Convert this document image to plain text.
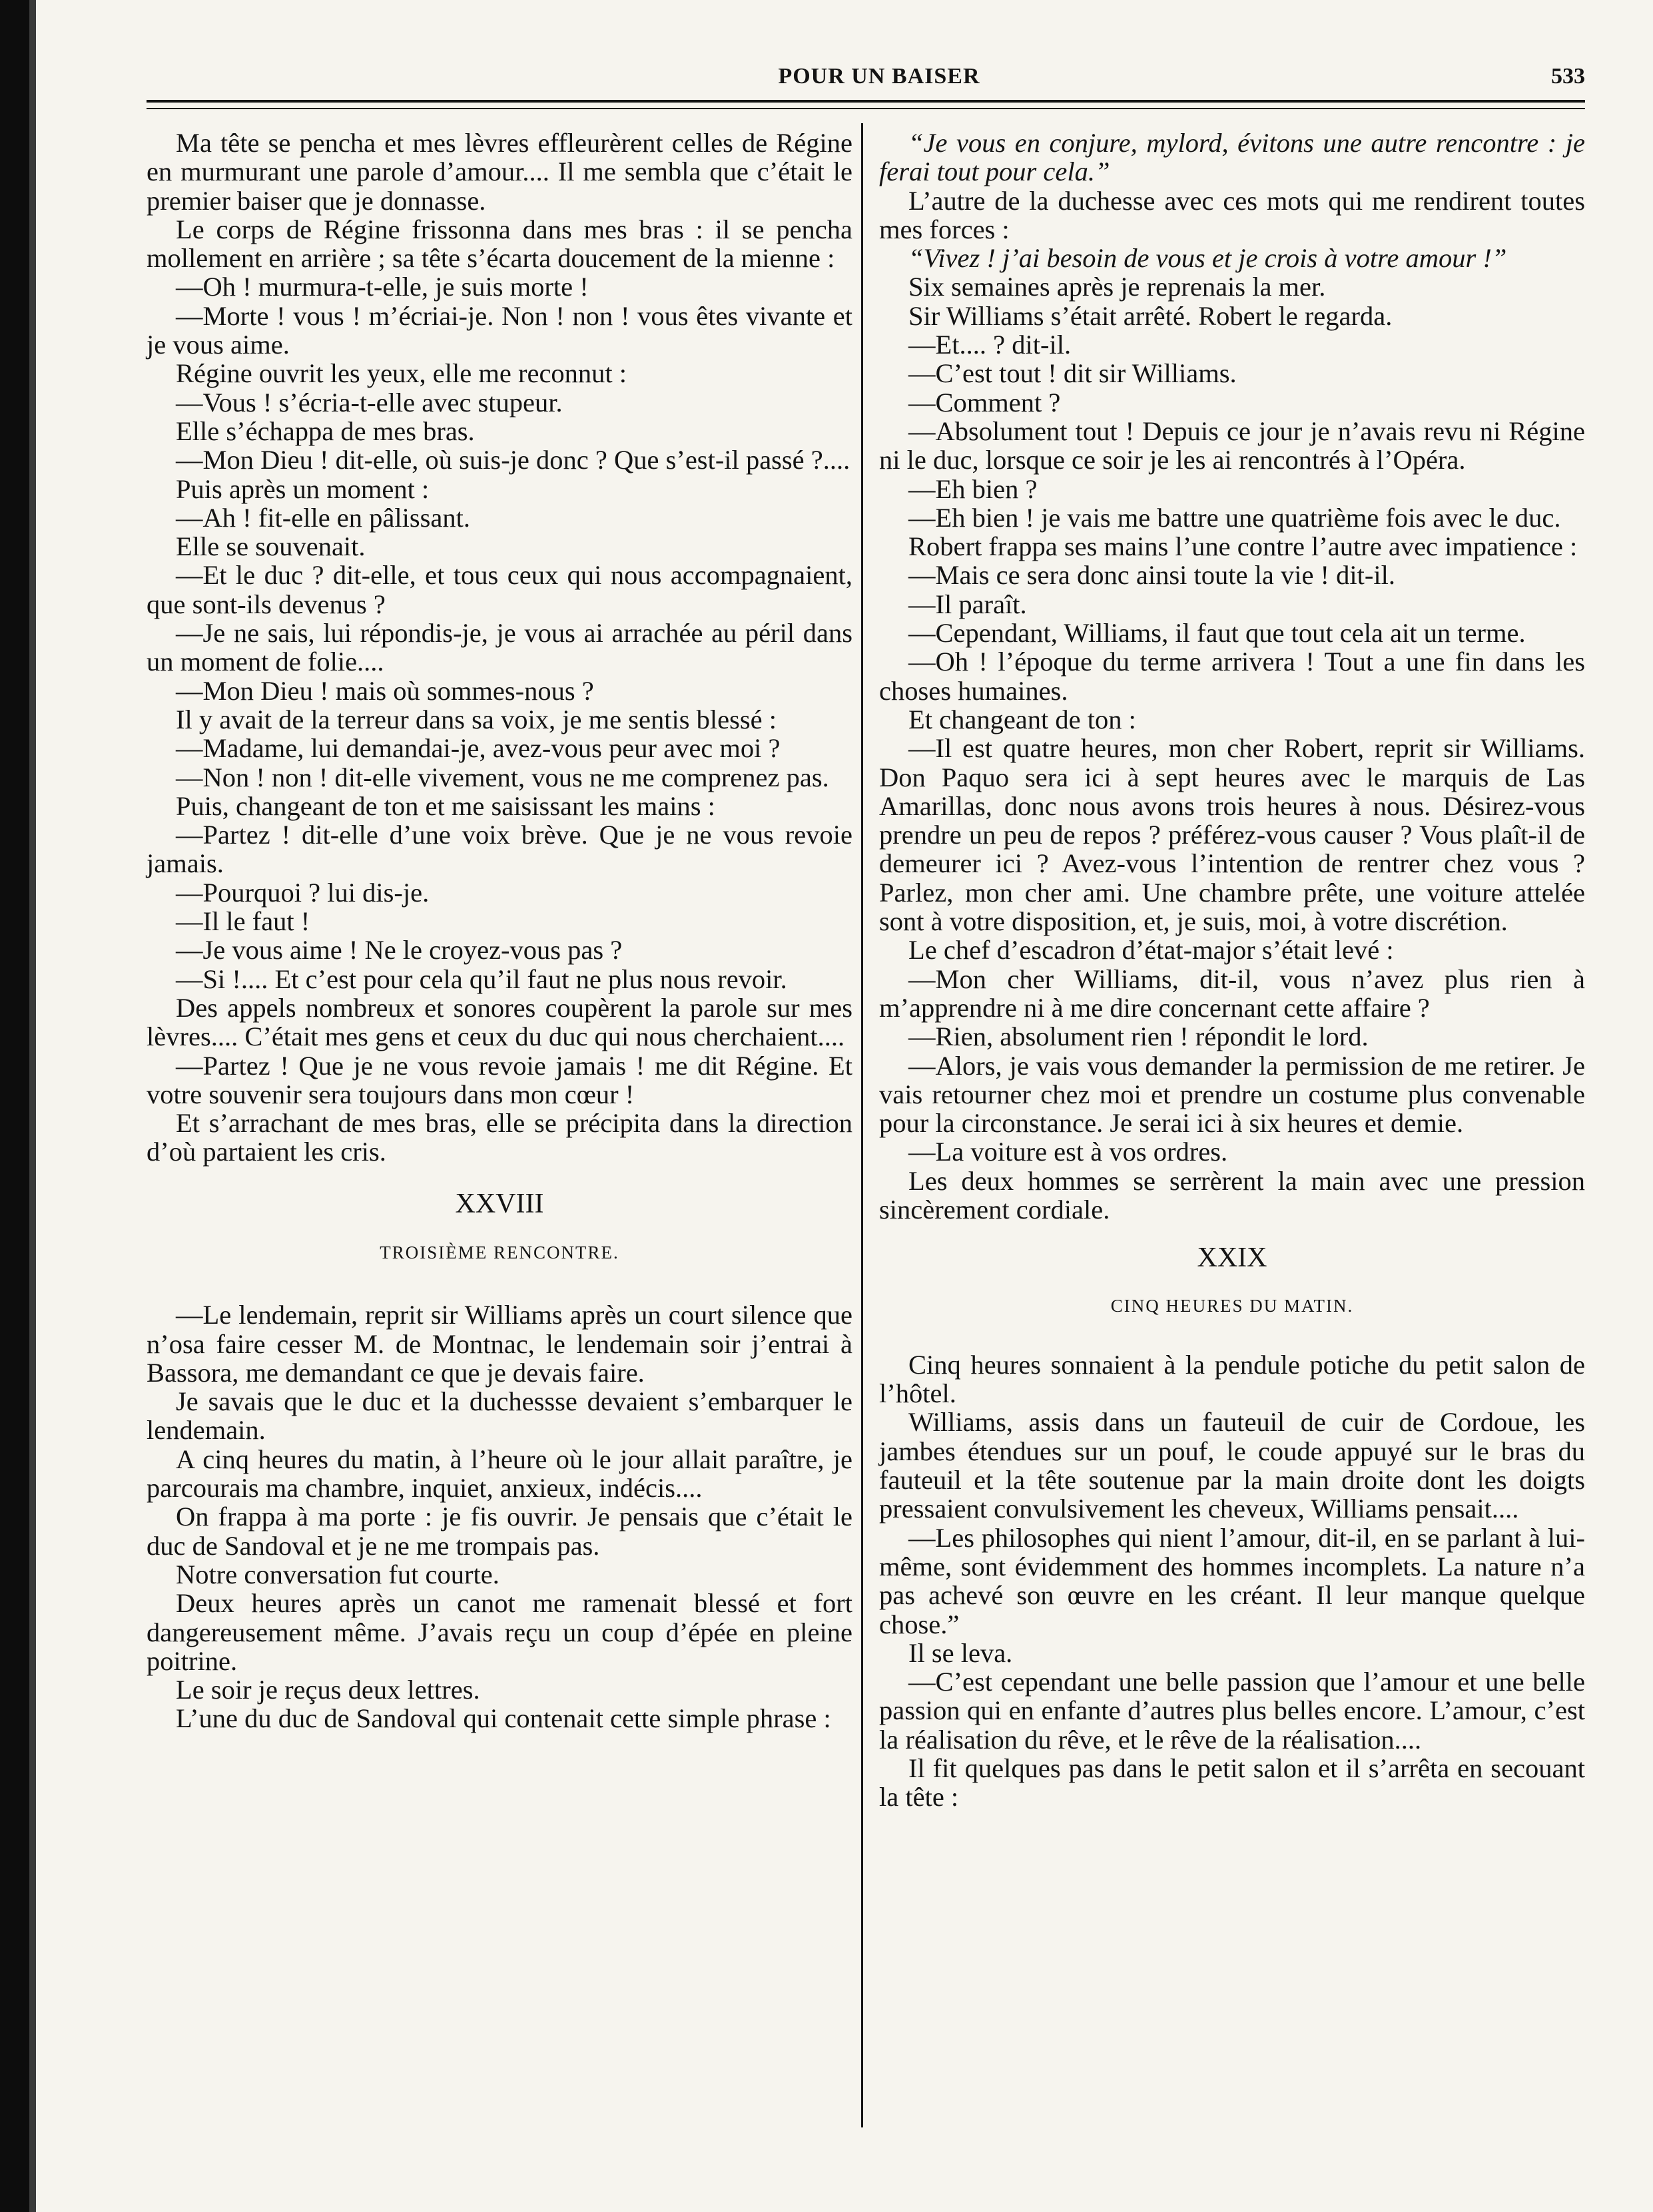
POUR UN BAISER	533

Ma tête se pencha et mes lèvres effleurèrent celles de Régine en murmurant une parole d’amour.... Il me sembla que c’était le premier baiser que je donnasse.

Le corps de Régine frissonna dans mes bras : il se pencha mollement en arrière ; sa tête s’écarta doucement de la mienne :

—Oh ! murmura-t-elle, je suis morte !

—Morte ! vous ! m’écriai-je. Non ! non ! vous êtes vivante et je vous aime.

Régine ouvrit les yeux, elle me reconnut :

—Vous ! s’écria-t-elle avec stupeur.

Elle s’échappa de mes bras.

—Mon Dieu ! dit-elle, où suis-je donc ? Que s’est-il passé ?....

Puis après un moment :

—Ah ! fit-elle en pâlissant.

Elle se souvenait.

—Et le duc ? dit-elle, et tous ceux qui nous accompagnaient, que sont-ils devenus ?

—Je ne sais, lui répondis-je, je vous ai arrachée au péril dans un moment de folie....

—Mon Dieu ! mais où sommes-nous ?

Il y avait de la terreur dans sa voix, je me sentis blessé :

—Madame, lui demandai-je, avez-vous peur avec moi ?

—Non ! non ! dit-elle vivement, vous ne me comprenez pas.

Puis, changeant de ton et me saisissant les mains :

—Partez ! dit-elle d’une voix brève. Que je ne vous revoie jamais.

—Pourquoi ? lui dis-je.

—Il le faut !

—Je vous aime ! Ne le croyez-vous pas ?

—Si !.... Et c’est pour cela qu’il faut ne plus nous revoir.

Des appels nombreux et sonores coupèrent la parole sur mes lèvres.... C’était mes gens et ceux du duc qui nous cherchaient....

—Partez ! Que je ne vous revoie jamais ! me dit Régine. Et votre souvenir sera toujours dans mon cœur !

Et s’arrachant de mes bras, elle se précipita dans la direction d’où partaient les cris.

XXVIII

TROISIÈME RENCONTRE.

—Le lendemain, reprit sir Williams après un court silence que n’osa faire cesser M. de Montnac, le lendemain soir j’entrai à Bassora, me demandant ce que je devais faire.

Je savais que le duc et la duchessse devaient s’embarquer le lendemain.

A cinq heures du matin, à l’heure où le jour allait paraître, je parcourais ma chambre, inquiet, anxieux, indécis....

On frappa à ma porte : je fis ouvrir. Je pensais que c’était le duc de Sandoval et je ne me trompais pas.

Notre conversation fut courte.

Deux heures après un canot me ramenait blessé et fort dangereusement même. J’avais reçu un coup d’épée en pleine poitrine.

Le soir je reçus deux lettres.

L’une du duc de Sandoval qui contenait cette simple phrase :

“Je vous en conjure, mylord, évitons une autre rencontre : je ferai tout pour cela.”

L’autre de la duchesse avec ces mots qui me rendirent toutes mes forces :

“Vivez ! j’ai besoin de vous et je crois à votre amour !”

Six semaines après je reprenais la mer.

Sir Williams s’était arrêté. Robert le regarda.

—Et.... ? dit-il.

—C’est tout ! dit sir Williams.

—Comment ?

—Absolument tout ! Depuis ce jour je n’avais revu ni Régine ni le duc, lorsque ce soir je les ai rencontrés à l’Opéra.

—Eh bien ?

—Eh bien ! je vais me battre une quatrième fois avec le duc.

Robert frappa ses mains l’une contre l’autre avec impatience :

—Mais ce sera donc ainsi toute la vie ! dit-il.

—Il paraît.

—Cependant, Williams, il faut que tout cela ait un terme.

—Oh ! l’époque du terme arrivera ! Tout a une fin dans les choses humaines.

Et changeant de ton :

—Il est quatre heures, mon cher Robert, reprit sir Williams. Don Paquo sera ici à sept heures avec le marquis de Las Amarillas, donc nous avons trois heures à nous. Désirez-vous prendre un peu de repos ? préférez-vous causer ? Vous plaît-il de demeurer ici ? Avez-vous l’intention de rentrer chez vous ? Parlez, mon cher ami. Une chambre prête, une voiture attelée sont à votre disposition, et, je suis, moi, à votre discrétion.

Le chef d’escadron d’état-major s’était levé :

—Mon cher Williams, dit-il, vous n’avez plus rien à m’apprendre ni à me dire concernant cette affaire ?

—Rien, absolument rien ! répondit le lord.

—Alors, je vais vous demander la permission de me retirer. Je vais retourner chez moi et prendre un costume plus convenable pour la circonstance. Je serai ici à six heures et demie.

—La voiture est à vos ordres.

Les deux hommes se serrèrent la main avec une pression sincèrement cordiale.

XXIX

CINQ HEURES DU MATIN.

Cinq heures sonnaient à la pendule potiche du petit salon de l’hôtel.

Williams, assis dans un fauteuil de cuir de Cordoue, les jambes étendues sur un pouf, le coude appuyé sur le bras du fauteuil et la tête soutenue par la main droite dont les doigts pressaient convulsivement les cheveux, Williams pensait....

—Les philosophes qui nient l’amour, dit-il, en se parlant à lui-même, sont évidemment des hommes incomplets. La nature n’a pas achevé son œuvre en les créant. Il leur manque quelque chose.”

Il se leva.

—C’est cependant une belle passion que l’amour et une belle passion qui en enfante d’autres plus belles encore. L’amour, c’est la réalisation du rêve, et le rêve de la réalisation....

Il fit quelques pas dans le petit salon et il s’arrêta en secouant la tête :
